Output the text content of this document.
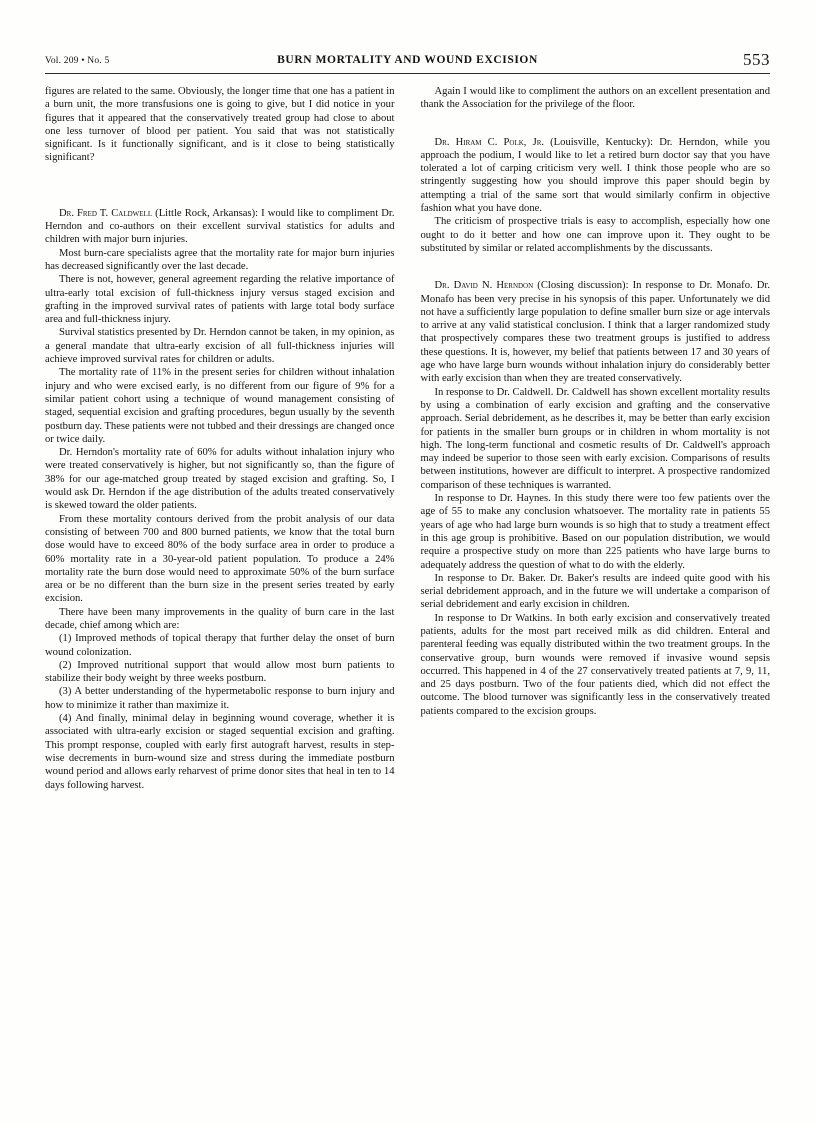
Vol. 209 • No. 5	BURN MORTALITY AND WOUND EXCISION	553

figures are related to the same. Obviously, the longer time that one has a patient in a burn unit, the more transfusions one is going to give, but I did notice in your figures that it appeared that the conservatively treated group had close to about one less turnover of blood per patient. You said that was not statistically significant. Is it functionally significant, and is it close to being statistically significant?

Dr. Fred T. Caldwell (Little Rock, Arkansas): I would like to compliment Dr. Herndon and co-authors on their excellent survival statistics for adults and children with major burn injuries.

Most burn-care specialists agree that the mortality rate for major burn injuries has decreased significantly over the last decade.

There is not, however, general agreement regarding the relative importance of ultra-early total excision of full-thickness injury versus staged excision and grafting in the improved survival rates of patients with large total body surface area and full-thickness injury.

Survival statistics presented by Dr. Herndon cannot be taken, in my opinion, as a general mandate that ultra-early excision of all full-thickness injuries will achieve improved survival rates for children or adults.

The mortality rate of 11% in the present series for children without inhalation injury and who were excised early, is no different from our figure of 9% for a similar patient cohort using a technique of wound management consisting of staged, sequential excision and grafting procedures, begun usually by the seventh postburn day. These patients were not tubbed and their dressings are changed once or twice daily.

Dr. Herndon's mortality rate of 60% for adults without inhalation injury who were treated conservatively is higher, but not significantly so, than the figure of 38% for our age-matched group treated by staged excision and grafting. So, I would ask Dr. Herndon if the age distribution of the adults treated conservatively is skewed toward the older patients.

From these mortality contours derived from the probit analysis of our data consisting of between 700 and 800 burned patients, we know that the total burn dose would have to exceed 80% of the body surface area in order to produce a 60% mortality rate in a 30-year-old patient population. To produce a 24% mortality rate the burn dose would need to approximate 50% of the burn surface area or be no different than the burn size in the present series treated by early excision.

There have been many improvements in the quality of burn care in the last decade, chief among which are:

(1) Improved methods of topical therapy that further delay the onset of burn wound colonization.

(2) Improved nutritional support that would allow most burn patients to stabilize their body weight by three weeks postburn.

(3) A better understanding of the hypermetabolic response to burn injury and how to minimize it rather than maximize it.

(4) And finally, minimal delay in beginning wound coverage, whether it is associated with ultra-early excision or staged sequential excision and grafting. This prompt response, coupled with early first autograft harvest, results in step-wise decrements in burn-wound size and stress during the immediate postburn wound period and allows early reharvest of prime donor sites that heal in ten to 14 days following harvest.

Again I would like to compliment the authors on an excellent presentation and thank the Association for the privilege of the floor.

Dr. Hiram C. Polk, Jr. (Louisville, Kentucky): Dr. Herndon, while you approach the podium, I would like to let a retired burn doctor say that you have tolerated a lot of carping criticism very well. I think those people who are so stringently suggesting how you should improve this paper should begin by attempting a trial of the same sort that would similarly confirm in objective fashion what you have done.

The criticism of prospective trials is easy to accomplish, especially how one ought to do it better and how one can improve upon it. They ought to be substituted by similar or related accomplishments by the discussants.

Dr. David N. Herndon (Closing discussion): In response to Dr. Monafo. Dr. Monafo has been very precise in his synopsis of this paper. Unfortunately we did not have a sufficiently large population to define smaller burn size or age intervals to arrive at any valid statistical conclusion. I think that a larger randomized study that prospectively compares these two treatment groups is justified to address these questions. It is, however, my belief that patients between 17 and 30 years of age who have large burn wounds without inhalation injury do considerably better with early excision than when they are treated conservatively.

In response to Dr. Caldwell. Dr. Caldwell has shown excellent mortality results by using a combination of early excision and grafting and the conservative approach. Serial debridement, as he describes it, may be better than early excision for patients in the smaller burn groups or in children in whom mortality is not high. The long-term functional and cosmetic results of Dr. Caldwell's approach may indeed be superior to those seen with early excision. Comparisons of results between institutions, however are difficult to interpret. A prospective randomized comparison of these techniques is warranted.

In response to Dr. Haynes. In this study there were too few patients over the age of 55 to make any conclusion whatsoever. The mortality rate in patients 55 years of age who had large burn wounds is so high that to study a treatment effect in this age group is prohibitive. Based on our population distribution, we would require a prospective study on more than 225 patients who have large burns to adequately address the question of what to do with the elderly.

In response to Dr. Baker. Dr. Baker's results are indeed quite good with his serial debridement approach, and in the future we will undertake a comparison of serial debridement and early excision in children.

In response to Dr Watkins. In both early excision and conservatively treated patients, adults for the most part received milk as did children. Enteral and parenteral feeding was equally distributed within the two treatment groups. In the conservative group, burn wounds were removed if invasive wound sepsis occurred. This happened in 4 of the 27 conservatively treated patients at 7, 9, 11, and 25 days postburn. Two of the four patients died, which did not effect the outcome. The blood turnover was significantly less in the conservatively treated patients compared to the excision groups.
